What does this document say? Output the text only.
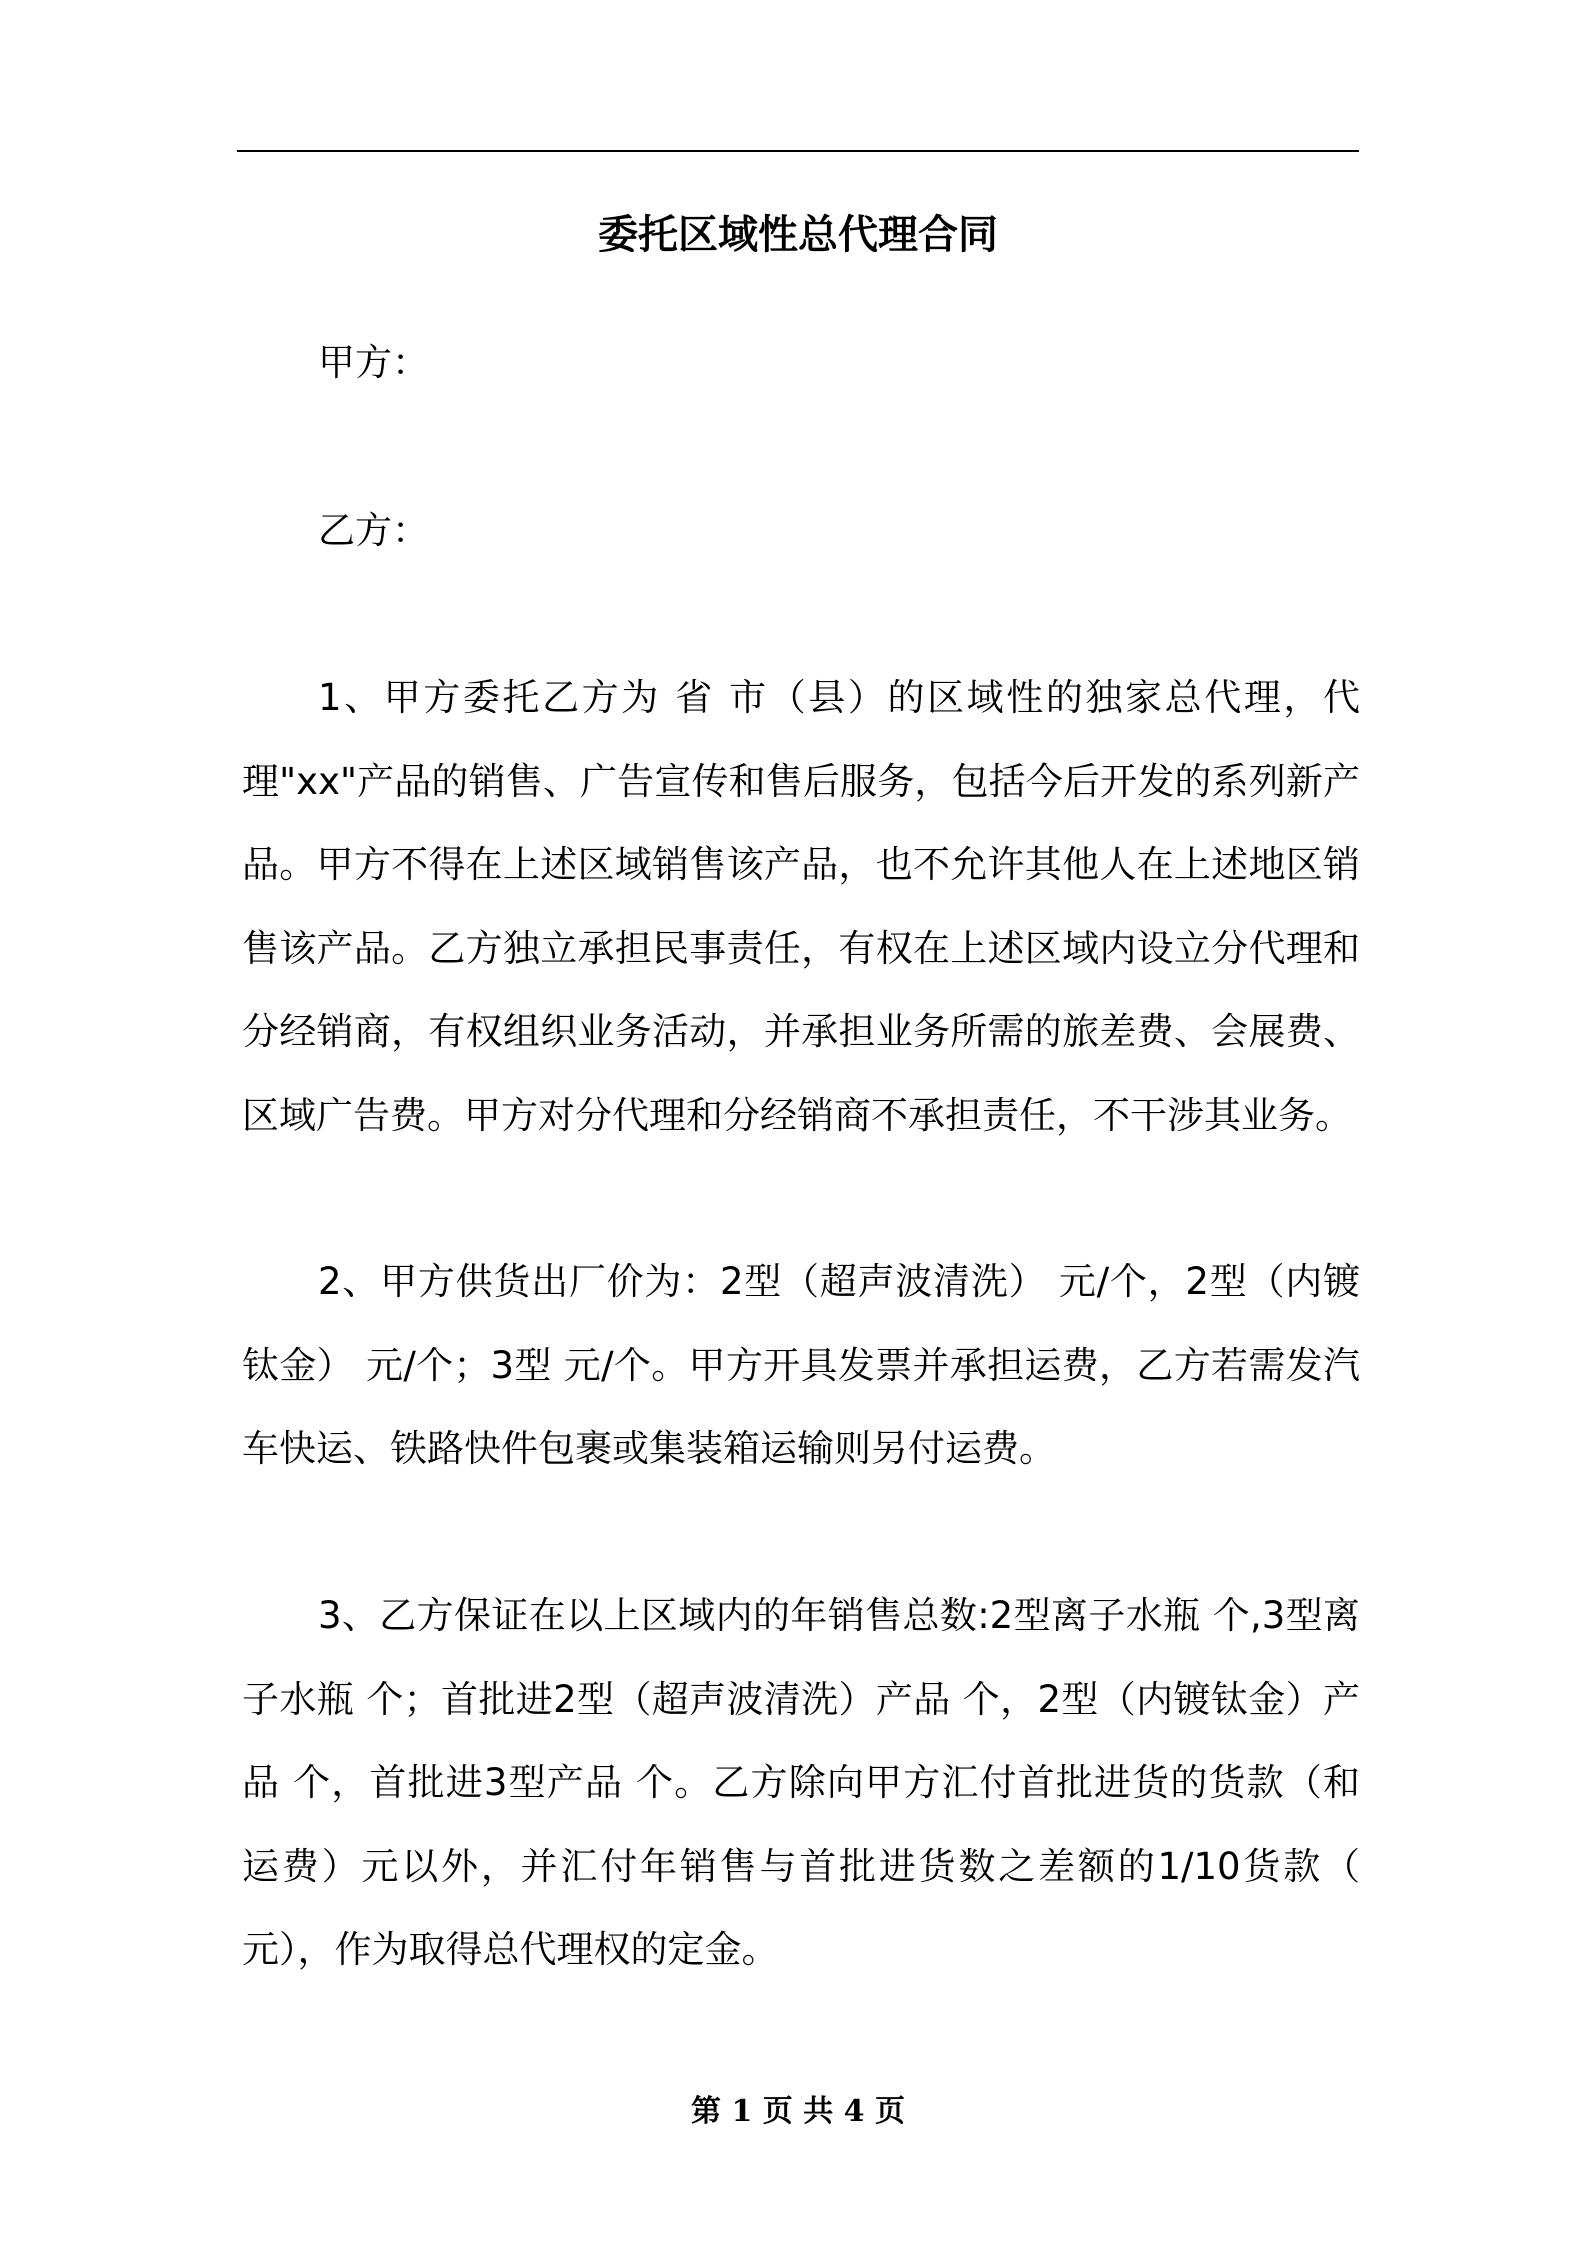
委托区域性总代理合同
甲方：
乙方：

1、甲方委托乙方为 省 市（县）的区域性的独家总代理，代理"xx"产品的销售、广告宣传和售后服务，包括今后开发的系列新产品。甲方不得在上述区域销售该产品，也不允许其他人在上述地区销售该产品。乙方独立承担民事责任，有权在上述区域内设立分代理和分经销商，有权组织业务活动，并承担业务所需的旅差费、会展费、区域广告费。甲方对分代理和分经销商不承担责任，不干涉其业务。

2、甲方供货出厂价为：2型（超声波清洗） 元/个，2型（内镀钛金） 元/个；3型 元/个。甲方开具发票并承担运费，乙方若需发汽车快运、铁路快件包裹或集装箱运输则另付运费。

3、乙方保证在以上区域内的年销售总数:2型离子水瓶 个,3型离子水瓶 个；首批进2型（超声波清洗）产品 个，2型（内镀钛金）产品 个，首批进3型产品 个。乙方除向甲方汇付首批进货的货款（和运费）元以外，并汇付年销售与首批进货数之差额的1/10货款（ 元），作为取得总代理权的定金。

第 1 页 共 4 页
